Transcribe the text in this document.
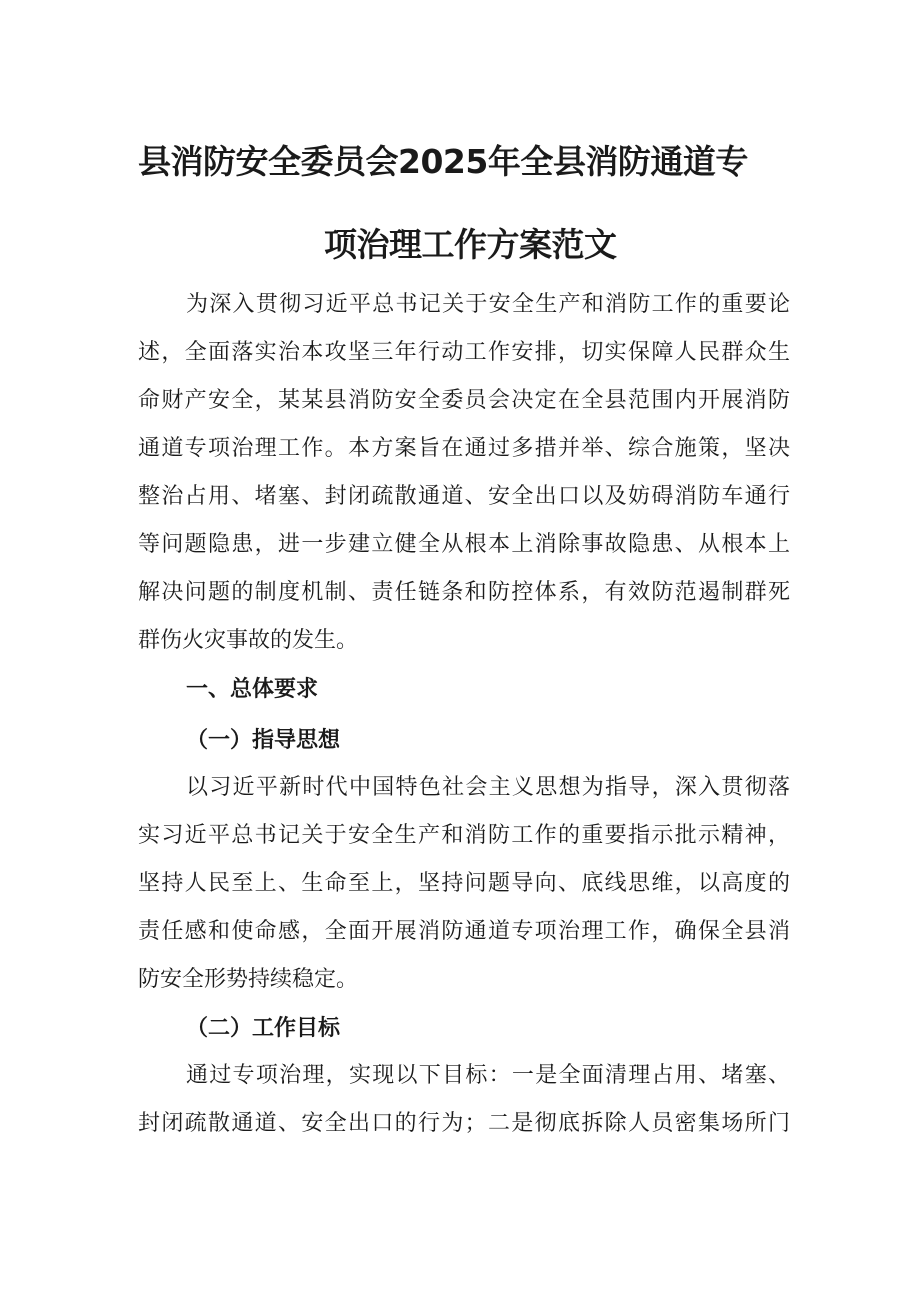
县消防安全委员会2025年全县消防通道专
项治理工作方案范文

为深入贯彻习近平总书记关于安全生产和消防工作的重要论

述，全面落实治本攻坚三年行动工作安排，切实保障人民群众生

命财产安全，某某县消防安全委员会决定在全县范围内开展消防

通道专项治理工作。本方案旨在通过多措并举、综合施策，坚决

整治占用、堵塞、封闭疏散通道、安全出口以及妨碍消防车通行

等问题隐患，进一步建立健全从根本上消除事故隐患、从根本上

解决问题的制度机制、责任链条和防控体系，有效防范遏制群死

群伤火灾事故的发生。

一、总体要求
（一）指导思想

以习近平新时代中国特色社会主义思想为指导，深入贯彻落

实习近平总书记关于安全生产和消防工作的重要指示批示精神，

坚持人民至上、生命至上，坚持问题导向、底线思维，以高度的

责任感和使命感，全面开展消防通道专项治理工作，确保全县消

防安全形势持续稳定。

（二）工作目标

通过专项治理，实现以下目标：一是全面清理占用、堵塞、

封闭疏散通道、安全出口的行为；二是彻底拆除人员密集场所门
